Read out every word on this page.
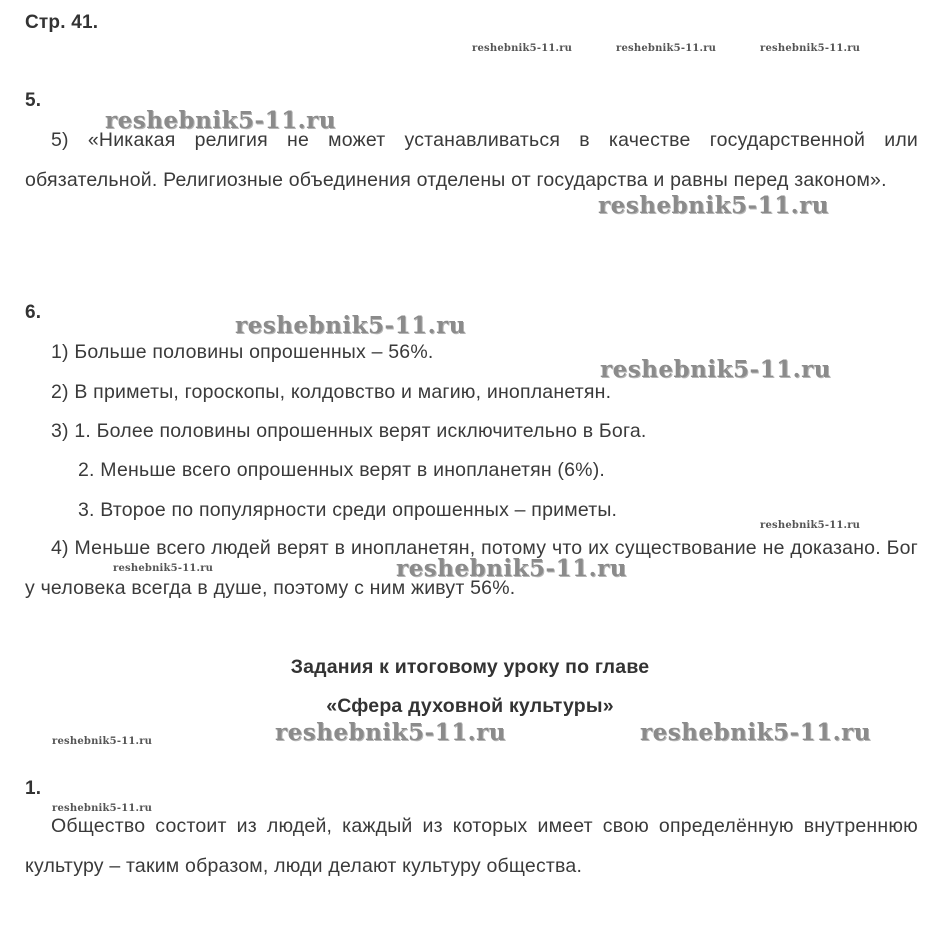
Стр. 41.
5.
5) «Никакая религия не может устанавливаться в качестве государственной или обязательной. Религиозные объединения отделены от государства и равны перед законом».
6.
1) Больше половины опрошенных – 56%.
2) В приметы, гороскопы, колдовство и магию, инопланетян.
3) 1. Более половины опрошенных верят исключительно в Бога.
2. Меньше всего опрошенных верят в инопланетян (6%).
3. Второе по популярности среди опрошенных – приметы.
4) Меньше всего людей верят в инопланетян, потому что их существование не доказано. Бог у человека всегда в душе, поэтому с ним живут 56%.
Задания к итоговому уроку по главе
«Сфера духовной культуры»
1.
Общество состоит из людей, каждый из которых имеет свою определённую внутреннюю культуру – таким образом, люди делают культуру общества.
reshebnik5-11.ru	reshebnik5-11.ru	reshebnik5-11.ru
reshebnik5-11.ru
reshebnik5-11.ru
reshebnik5-11.ru
reshebnik5-11.ru
reshebnik5-11.ru
reshebnik5-11.ru	reshebnik5-11.ru
reshebnik5-11.ru	reshebnik5-11.ru	reshebnik5-11.ru
reshebnik5-11.ru
